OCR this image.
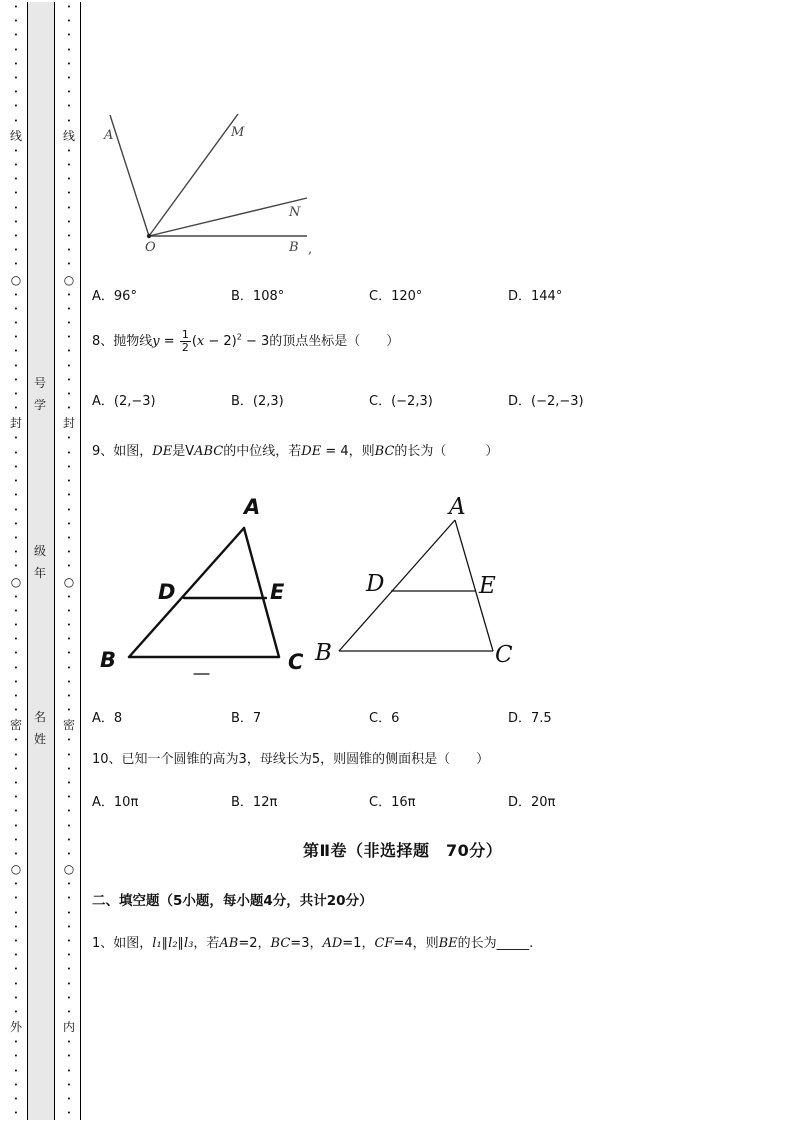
•
•
•
•
•
•
•
•
•
线
•
•
•
•
•
•
•
•
•
○
•
•
•
•
•
•
•
•
•
封
•
•
•
•
•
•
•
•
•
•
○
•
•
•
•
•
•
•
•
•
密
•
•
•
•
•
•
•
•
•
○
•
•
•
•
•
•
•
•
•
•
外
•
•
•
•
•
•
•
•
•
•
•
•
•
•
•
线
•
•
•
•
•
•
•
•
•
○
•
•
•
•
•
•
•
•
•
封
•
•
•
•
•
•
•
•
•
•
○
•
•
•
•
•
•
•
•
•
密
•
•
•
•
•
•
•
•
•
○
•
•
•
•
•
•
•
•
•
•
内
•
•
•
•
•
•
号
学
级
年
名
姓
A	M
N
O	B ,
A．96°	B．108°	C．120°	D．144°
8、抛物线$y = \frac{1}{2} (x - 2)^2 - 3$的顶点坐标是（　　）
A．(2,−3)	B．(2,3)	C．(−2,3)	D．(−2,−3)
9、如图，DE是VABC的中位线，若DE = 4，则BC的长为（　　　）
A
D	E
B	C
A
D	E
B	C
A．8	B．7	C．6	D．7.5
10、已知一个圆锥的高为3，母线长为5，则圆锥的侧面积是（　　）
A．10π	B．12π	C．16π	D．20π
第Ⅱ卷（非选择题　70分）
二、填空题（5小题，每小题4分，共计20分）
1、如图，l₁∥l₂∥l₃，若AB=2，BC=3，AD=1，CF=4，则BE的长为_____.
